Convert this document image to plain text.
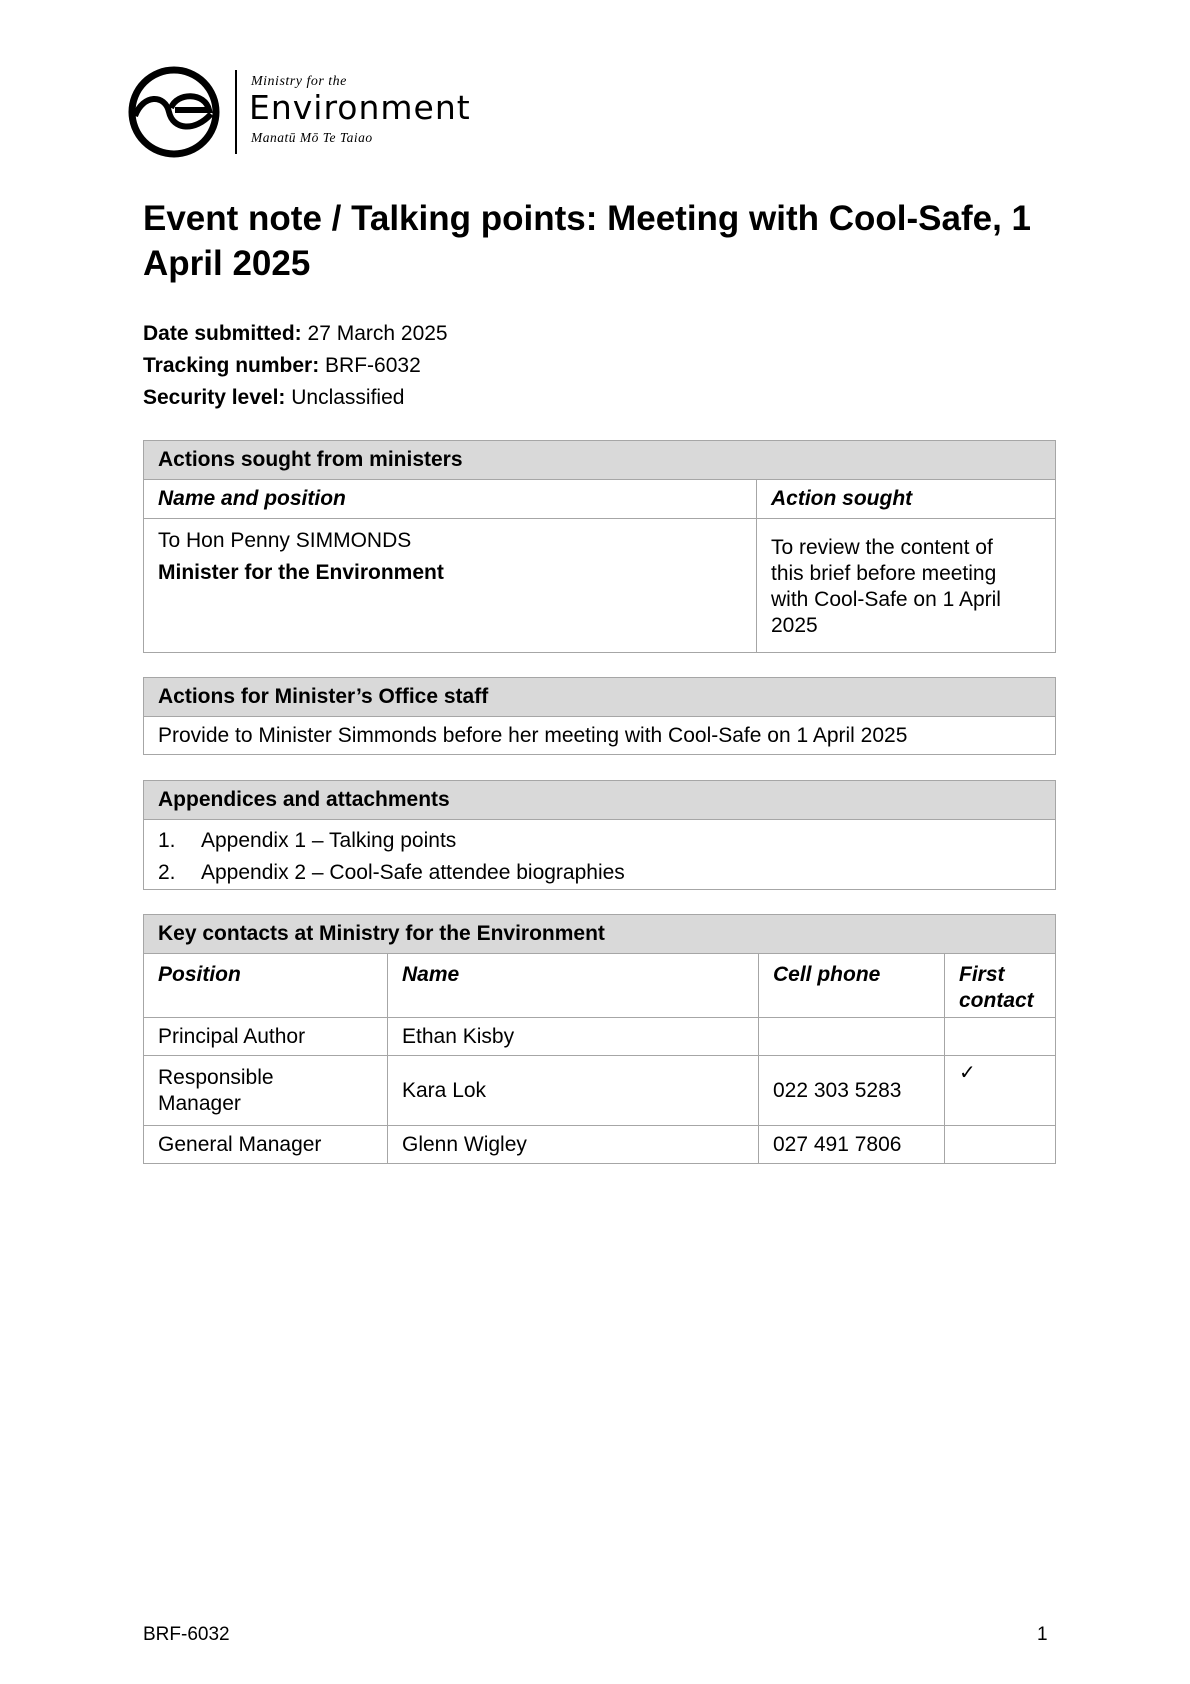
Ministry for the
Environment
Manatū Mō Te Taiao
Event note / Talking points: Meeting with Cool-Safe, 1 April 2025
Date submitted: 27 March 2025
Tracking number: BRF-6032
Security level: Unclassified
Actions sought from ministers	
Name and position	Action sought

To Hon Penny SIMMONDS
Minister for the Environment	To review the content of this brief before meeting with Cool-Safe on 1 April 2025
Actions for Minister’s Office staff
Provide to Minister Simmonds before her meeting with Cool-Safe on 1 April 2025
Appendices and attachments

1. Appendix 1 – Talking points
2. Appendix 2 – Cool-Safe attendee biographies
Key contacts at Ministry for the Environment			
Position	Name	Cell phone	First contact
Principal Author	Ethan Kisby		
Responsible Manager	Kara Lok	022 303 5283	✓
General Manager	Glenn Wigley	027 491 7806	
BRF-6032	1
